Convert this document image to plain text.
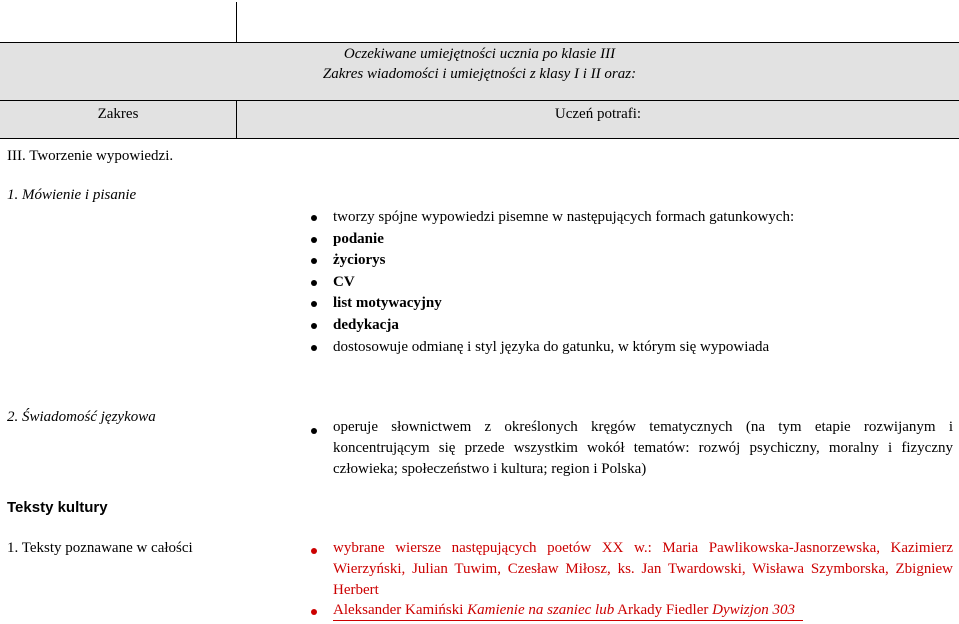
Oczekiwane umiejętności ucznia po klasie III
Zakres wiadomości i umiejętności z klasy I i II oraz:
Zakres	Uczeń potrafi:
III. Tworzenie wypowiedzi.
1. Mówienie i pisanie
tworzy spójne wypowiedzi pisemne w następujących formach gatunkowych:
podanie
życiorys
CV
list motywacyjny
dedykacja
dostosowuje odmianę i styl języka do gatunku, w którym się wypowiada
2. Świadomość językowa
operuje słownictwem z określonych kręgów tematycznych (na tym etapie rozwijanym i
koncentrującym się przede wszystkim wokół tematów: rozwój psychiczny, moralny i fizyczny
człowieka; społeczeństwo i kultura; region i Polska)
Teksty kultury
1. Teksty poznawane w całości	wybrane wiersze następujących poetów XX w.: Maria Pawlikowska-Jasnorzewska, Kazimierz
Wierzyński, Julian Tuwim, Czesław Miłosz, ks. Jan Twardowski, Wisława Szymborska, Zbigniew
Herbert
Aleksander Kamiński Kamienie na szaniec lub Arkady Fiedler Dywizjon 303
